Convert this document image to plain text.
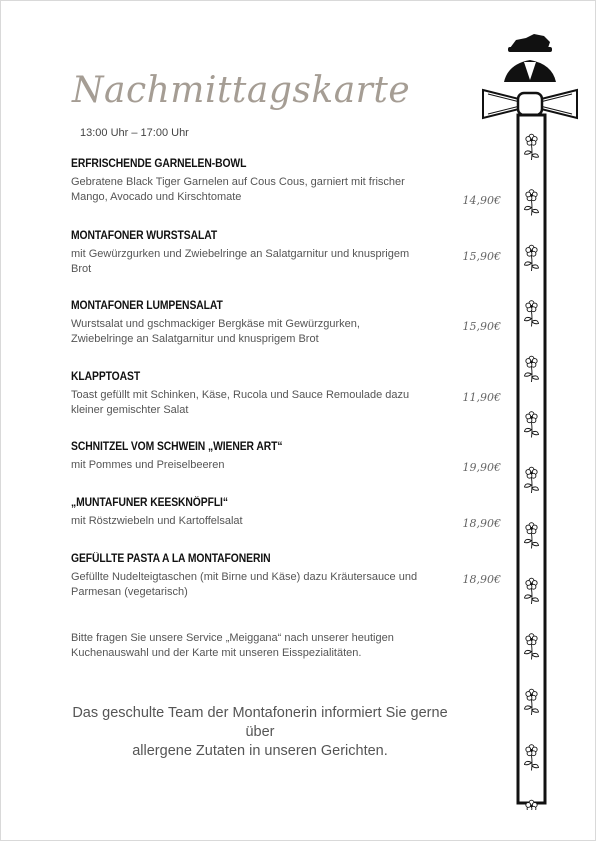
Nachmittagskarte
13:00 Uhr – 17:00 Uhr
ERFRISCHENDE GARNELEN-BOWL
Gebratene Black Tiger Garnelen auf Cous Cous, garniert mit frischer Mango, Avocado und Kirschtomate	14,90€
MONTAFONER WURSTSALAT
mit Gewürzgurken und Zwiebelringe an Salatgarnitur und knusprigem Brot
15,90€
MONTAFONER LUMPENSALAT
Wurstsalat und gschmackiger Bergkäse mit Gewürzgurken, Zwiebelringe an Salatgarnitur und knusprigem Brot
15,90€
KLAPPTOAST
Toast gefüllt mit Schinken, Käse, Rucola und Sauce Remoulade dazu kleiner gemischter Salat
11,90€
SCHNITZEL VOM SCHWEIN „WIENER ART“
mit Pommes und Preiselbeeren	19,90€
„MUNTAFUNER KEESKNÖPFLI“
mit Röstzwiebeln und Kartoffelsalat	18,90€
GEFÜLLTE PASTA A LA MONTAFONERIN
Gefüllte Nudelteigtaschen (mit Birne und Käse) dazu Kräutersauce und Parmesan (vegetarisch)
18,90€
Bitte fragen Sie unsere Service „Meiggana“ nach unserer heutigen Kuchenauswahl und der Karte mit unseren Eisspezialitäten.
Das geschulte Team der Montafonerin informiert Sie gerne
über
allergene Zutaten in unseren Gerichten.
